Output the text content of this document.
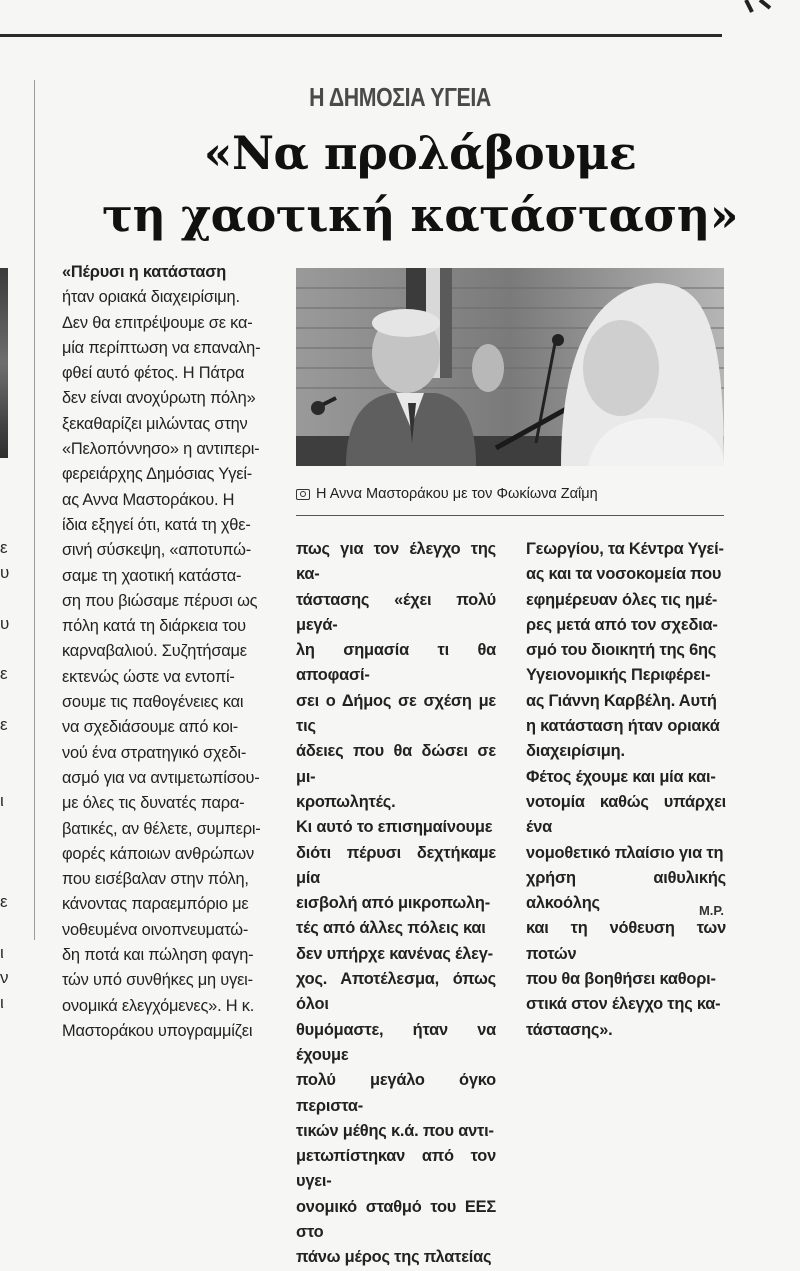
ε
υ
υ
ε
ε
ι
ε
ι
ν
ι
Η ΔΗΜΟΣΙΑ ΥΓΕΙΑ
«Να προλάβουμε
τη χαοτική κατάσταση»

«Πέρυσι η κατάσταση

ήταν οριακά διαχειρίσιμη.

Δεν θα επιτρέψουμε σε κα-

μία περίπτωση να επαναλη-

φθεί αυτό φέτος. Η Πάτρα

δεν είναι ανοχύρωτη πόλη»

ξεκαθαρίζει μιλώντας στην

«Πελοπόννησο» η αντιπερι-

φερειάρχης Δημόσιας Υγεί-

ας Αννα Μαστοράκου. Η

ίδια εξηγεί ότι, κατά τη χθε-

σινή σύσκεψη, «αποτυπώ-

σαμε τη χαοτική κατάστα-

ση που βιώσαμε πέρυσι ως

πόλη κατά τη διάρκεια του

καρναβαλιού. Συζητήσαμε

εκτενώς ώστε να εντοπί-

σουμε τις παθογένειες και

να σχεδιάσουμε από κοι-

νού ένα στρατηγικό σχεδι-

ασμό για να αντιμετωπίσου-

με όλες τις δυνατές παρα-

βατικές, αν θέλετε, συμπερι-

φορές κάποιων ανθρώπων

που εισέβαλαν στην πόλη,

κάνοντας παραεμπόριο με

νοθευμένα οινοπνευματώ-

δη ποτά και πώληση φαγη-

τών υπό συνθήκες μη υγει-

ονομικά ελεγχόμενες». Η κ.

Μαστοράκου υπογραμμίζει

Η Αννα Μαστοράκου με τον Φωκίωνα Ζαΐμη

πως για τον έλεγχο της κα-

τάστασης «έχει πολύ μεγά-

λη σημασία τι θα αποφασί-

σει ο Δήμος σε σχέση με τις

άδειες που θα δώσει σε μι-

κροπωλητές.

Κι αυτό το επισημαίνουμε

διότι πέρυσι δεχτήκαμε μία

εισβολή από μικροπωλη-

τές από άλλες πόλεις και

δεν υπήρχε κανένας έλεγ-

χος. Αποτέλεσμα, όπως όλοι

θυμόμαστε, ήταν να έχουμε

πολύ μεγάλο όγκο περιστα-

τικών μέθης κ.ά. που αντι-

μετωπίστηκαν από τον υγει-

ονομικό σταθμό του ΕΕΣ στο

πάνω μέρος της πλατείας

Γεωργίου, τα Κέντρα Υγεί-

ας και τα νοσοκομεία που

εφημέρευαν όλες τις ημέ-

ρες μετά από τον σχεδια-

σμό του διοικητή της 6ης

Υγειονομικής Περιφέρει-

ας Γιάννη Καρβέλη. Αυτή

η κατάσταση ήταν οριακά

διαχειρίσιμη.

Φέτος έχουμε και μία και-

νοτομία καθώς υπάρχει ένα

νομοθετικό πλαίσιο για τη

χρήση αιθυλικής αλκοόλης

και τη νόθευση των ποτών

που θα βοηθήσει καθορι-

στικά στον έλεγχο της κα-

τάστασης».

Μ.Ρ.
